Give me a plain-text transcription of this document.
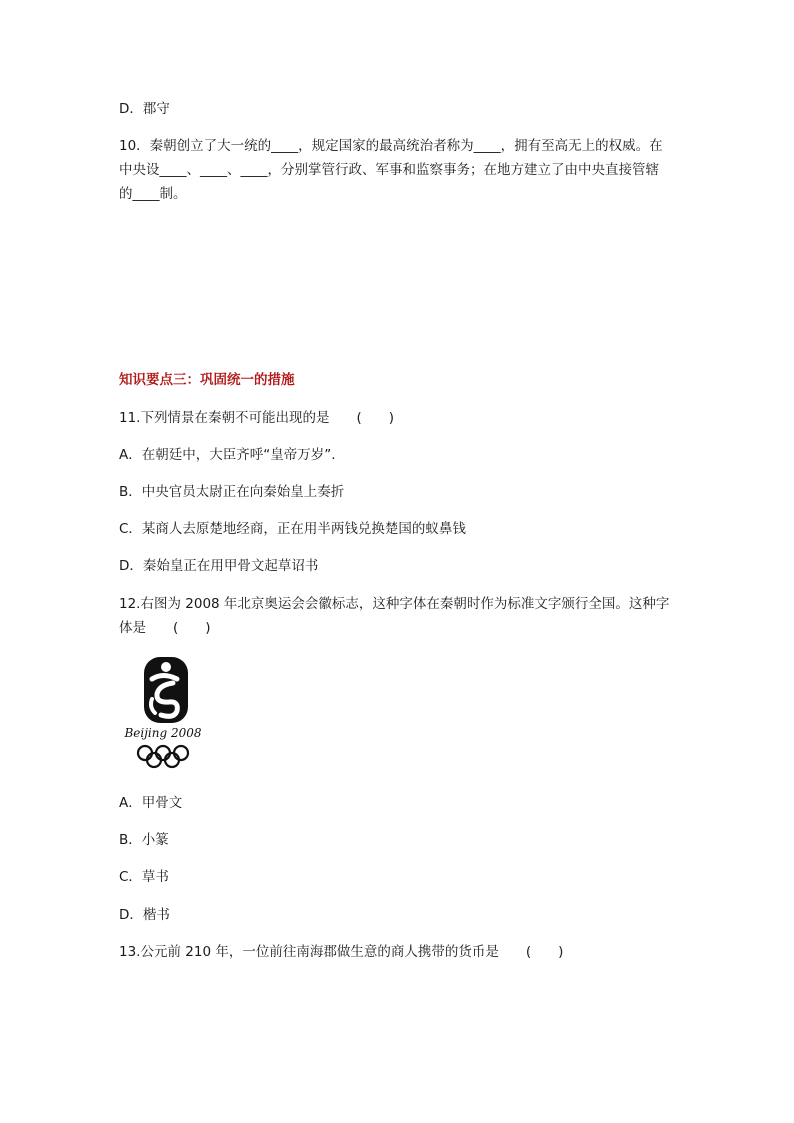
D．郡守
10．秦朝创立了大一统的____，规定国家的最高统治者称为____，拥有至高无上的权威。在
中央设____、____、____，分别掌管行政、军事和监察事务；在地方建立了由中央直接管辖
的____制。
知识要点三：巩固统一的措施
11.下列情景在秦朝不可能出现的是　　(　　)
A．在朝廷中，大臣齐呼“皇帝万岁”.
B．中央官员太尉正在向秦始皇上奏折
C．某商人去原楚地经商，正在用半两钱兑换楚国的蚁鼻钱
D．秦始皇正在用甲骨文起草诏书
12.右图为 2008 年北京奥运会会徽标志，这种字体在秦朝时作为标准文字颁行全国。这种字
体是　　(　　)
Beijing 2008
A．甲骨文
B．小篆
C．草书
D．楷书
13.公元前 210 年，一位前往南海郡做生意的商人携带的货币是　　(　　)
